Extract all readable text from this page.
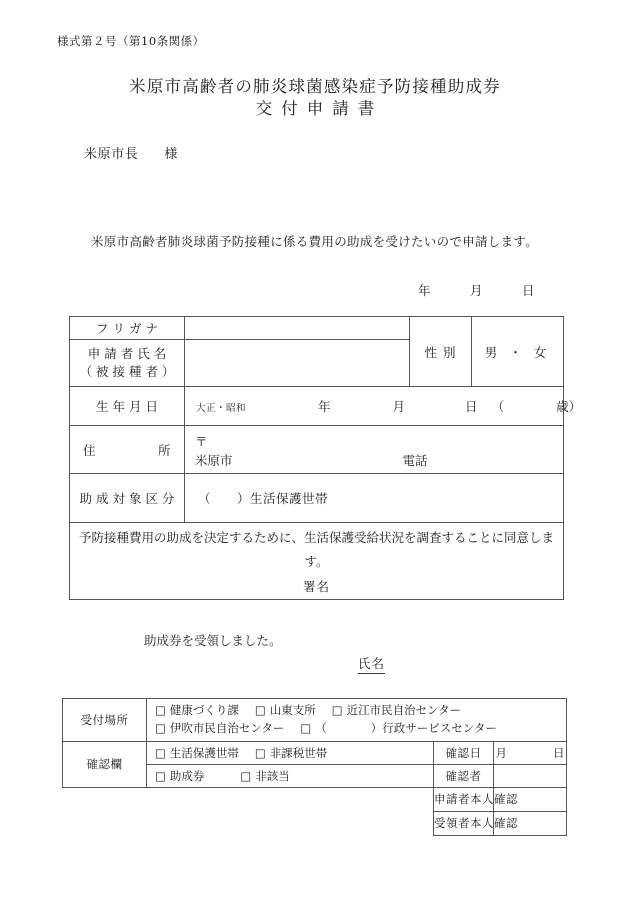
様式第２号（第10条関係）
米原市高齢者の肺炎球菌感染症予防接種助成券
交付申請書
米原市長 様
米原市高齢者肺炎球菌予防接種に係る費用の助成を受けたいので申請します。
年	月	日
フ リ ガ ナ		性 別	男 ・ 女

申 請 者 氏 名
（ 被 接 種 者 ）			

生 年 月 日	大正・昭和	年	月	日	（	歳）

住　　　　　所	〒
米原市 電話		

助 成 対 象 区 分	（　　）生活保護世帯		

予防接種費用の助成を決定するために、生活保護受給状況を調査することに同意します。
署名			
助成券を受領しました。
氏名
受付場所	□ 健康づくり課 □ 山東支所 □ 近江市民自治センター
□ 伊吹市民自治センター □ （ ）行政サービスセンター		

確認欄	□ 生活保護世帯 □ 非課税世帯	確認日	月 日

	□ 助成券 □ 非該当	確認者	
		申請者本人確認	
		受領者本人確認	
